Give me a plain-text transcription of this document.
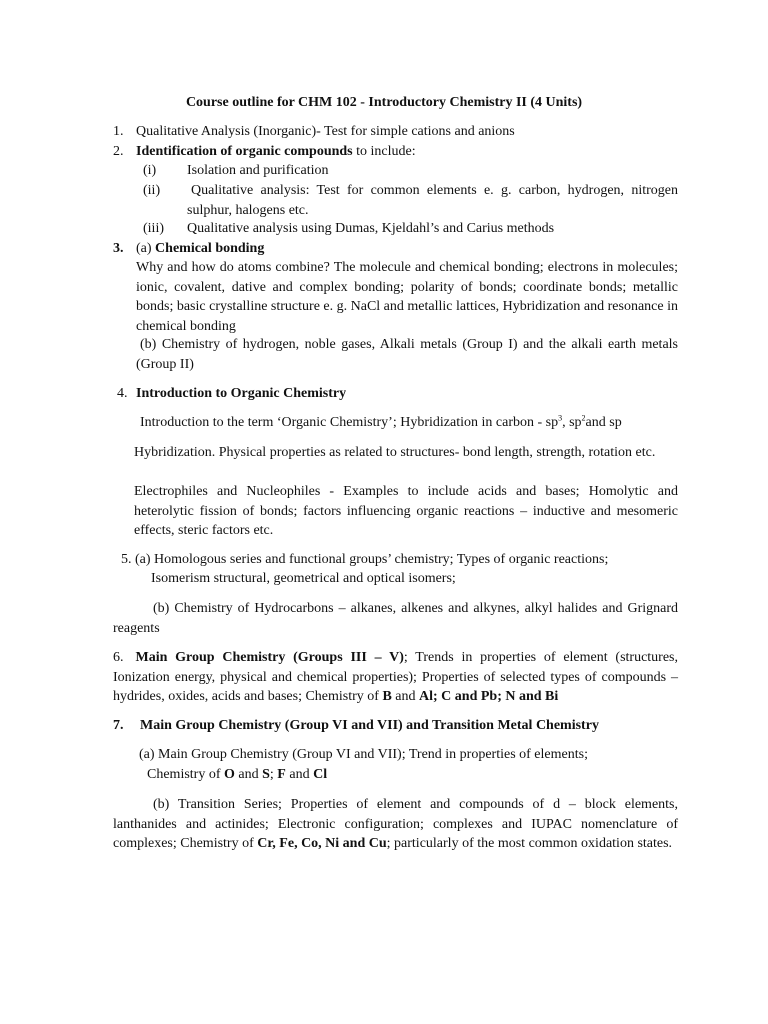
Course outline for CHM 102 - Introductory Chemistry II (4 Units)
1. Qualitative Analysis (Inorganic)- Test for simple cations and anions
2. Identification of organic compounds to include:
(i) Isolation and purification
(ii) Qualitative analysis: Test for common elements e. g. carbon, hydrogen, nitrogen sulphur, halogens etc.
(iii) Qualitative analysis using Dumas, Kjeldahl’s and Carius methods
3. (a) Chemical bonding
Why and how do atoms combine? The molecule and chemical bonding; electrons in molecules; ionic, covalent, dative and complex bonding; polarity of bonds; coordinate bonds; metallic bonds; basic crystalline structure e. g. NaCl and metallic lattices, Hybridization and resonance in chemical bonding
(b) Chemistry of hydrogen, noble gases, Alkali metals (Group I) and the alkali earth metals (Group II)
4. Introduction to Organic Chemistry
Introduction to the term ‘Organic Chemistry’; Hybridization in carbon - $sp^3$, $sp^2and$ sp
Hybridization. Physical properties as related to structures- bond length, strength, rotation etc.
Electrophiles and Nucleophiles - Examples to include acids and bases; Homolytic and heterolytic fission of bonds; factors influencing organic reactions – inductive and mesomeric effects, steric factors etc.
5. (a) Homologous series and functional groups’ chemistry; Types of organic reactions;
Isomerism structural, geometrical and optical isomers;
(b) Chemistry of Hydrocarbons – alkanes, alkenes and alkynes, alkyl halides and Grignard reagents
6. Main Group Chemistry (Groups III – V); Trends in properties of element (structures, Ionization energy, physical and chemical properties); Properties of selected types of compounds – hydrides, oxides, acids and bases; Chemistry of B and Al; C and Pb; N and Bi
7. Main Group Chemistry (Group VI and VII) and Transition Metal Chemistry
(a) Main Group Chemistry (Group VI and VII); Trend in properties of elements;
Chemistry of O and S; F and Cl
(b) Transition Series; Properties of element and compounds of d – block elements, lanthanides and actinides; Electronic configuration; complexes and IUPAC nomenclature of complexes; Chemistry of Cr, Fe, Co, Ni and Cu; particularly of the most common oxidation states.
